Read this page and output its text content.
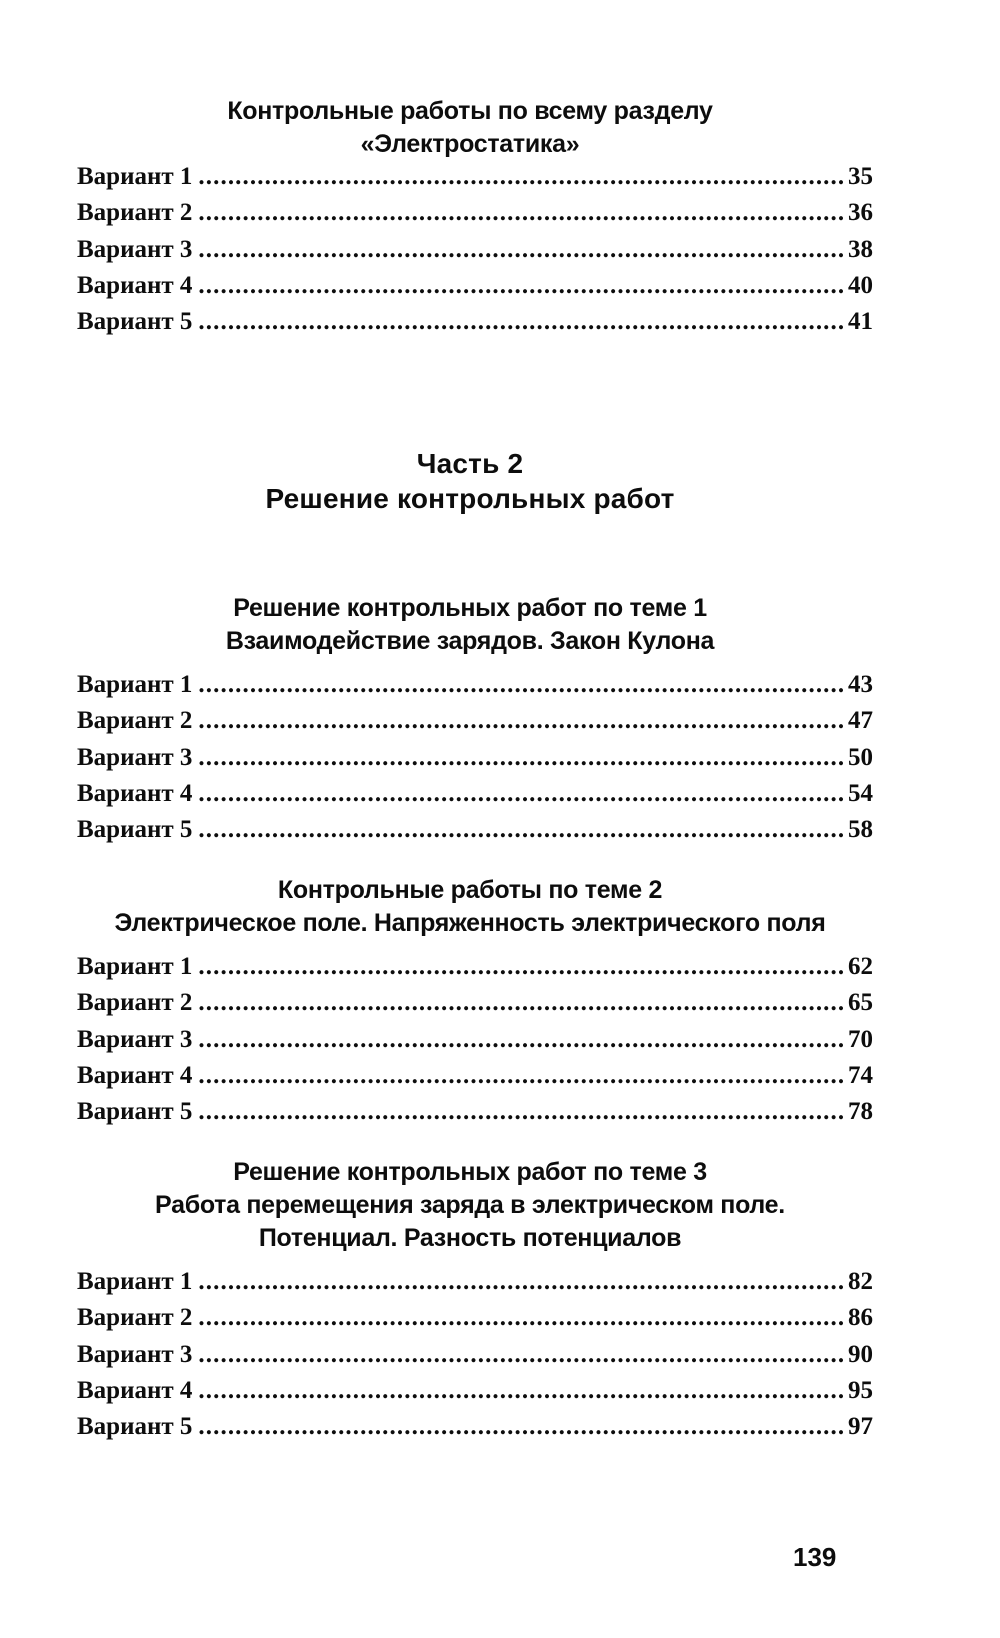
Контрольные работы по всему разделу
«Электростатика»
Вариант 1 .....	35
Вариант 2 .....	36
Вариант 3 .....	38
Вариант 4 .....	40
Вариант 5 .....	41
Часть 2
Решение контрольных работ
Решение контрольных работ по теме 1
Взаимодействие зарядов. Закон Кулона
Вариант 1 .....	43
Вариант 2 .....	47
Вариант 3 .....	50
Вариант 4 .....	54
Вариант 5 .....	58
Контрольные работы по теме 2
Электрическое поле. Напряженность электрического поля
Вариант 1 .....	62
Вариант 2 .....	65
Вариант 3 .....	70
Вариант 4 .....	74
Вариант 5 .....	78
Решение контрольных работ по теме 3
Работа перемещения заряда в электрическом поле.
Потенциал. Разность потенциалов
Вариант 1 .....	82
Вариант 2 .....	86
Вариант 3 .....	90
Вариант 4 .....	95
Вариант 5 .....	97
139
